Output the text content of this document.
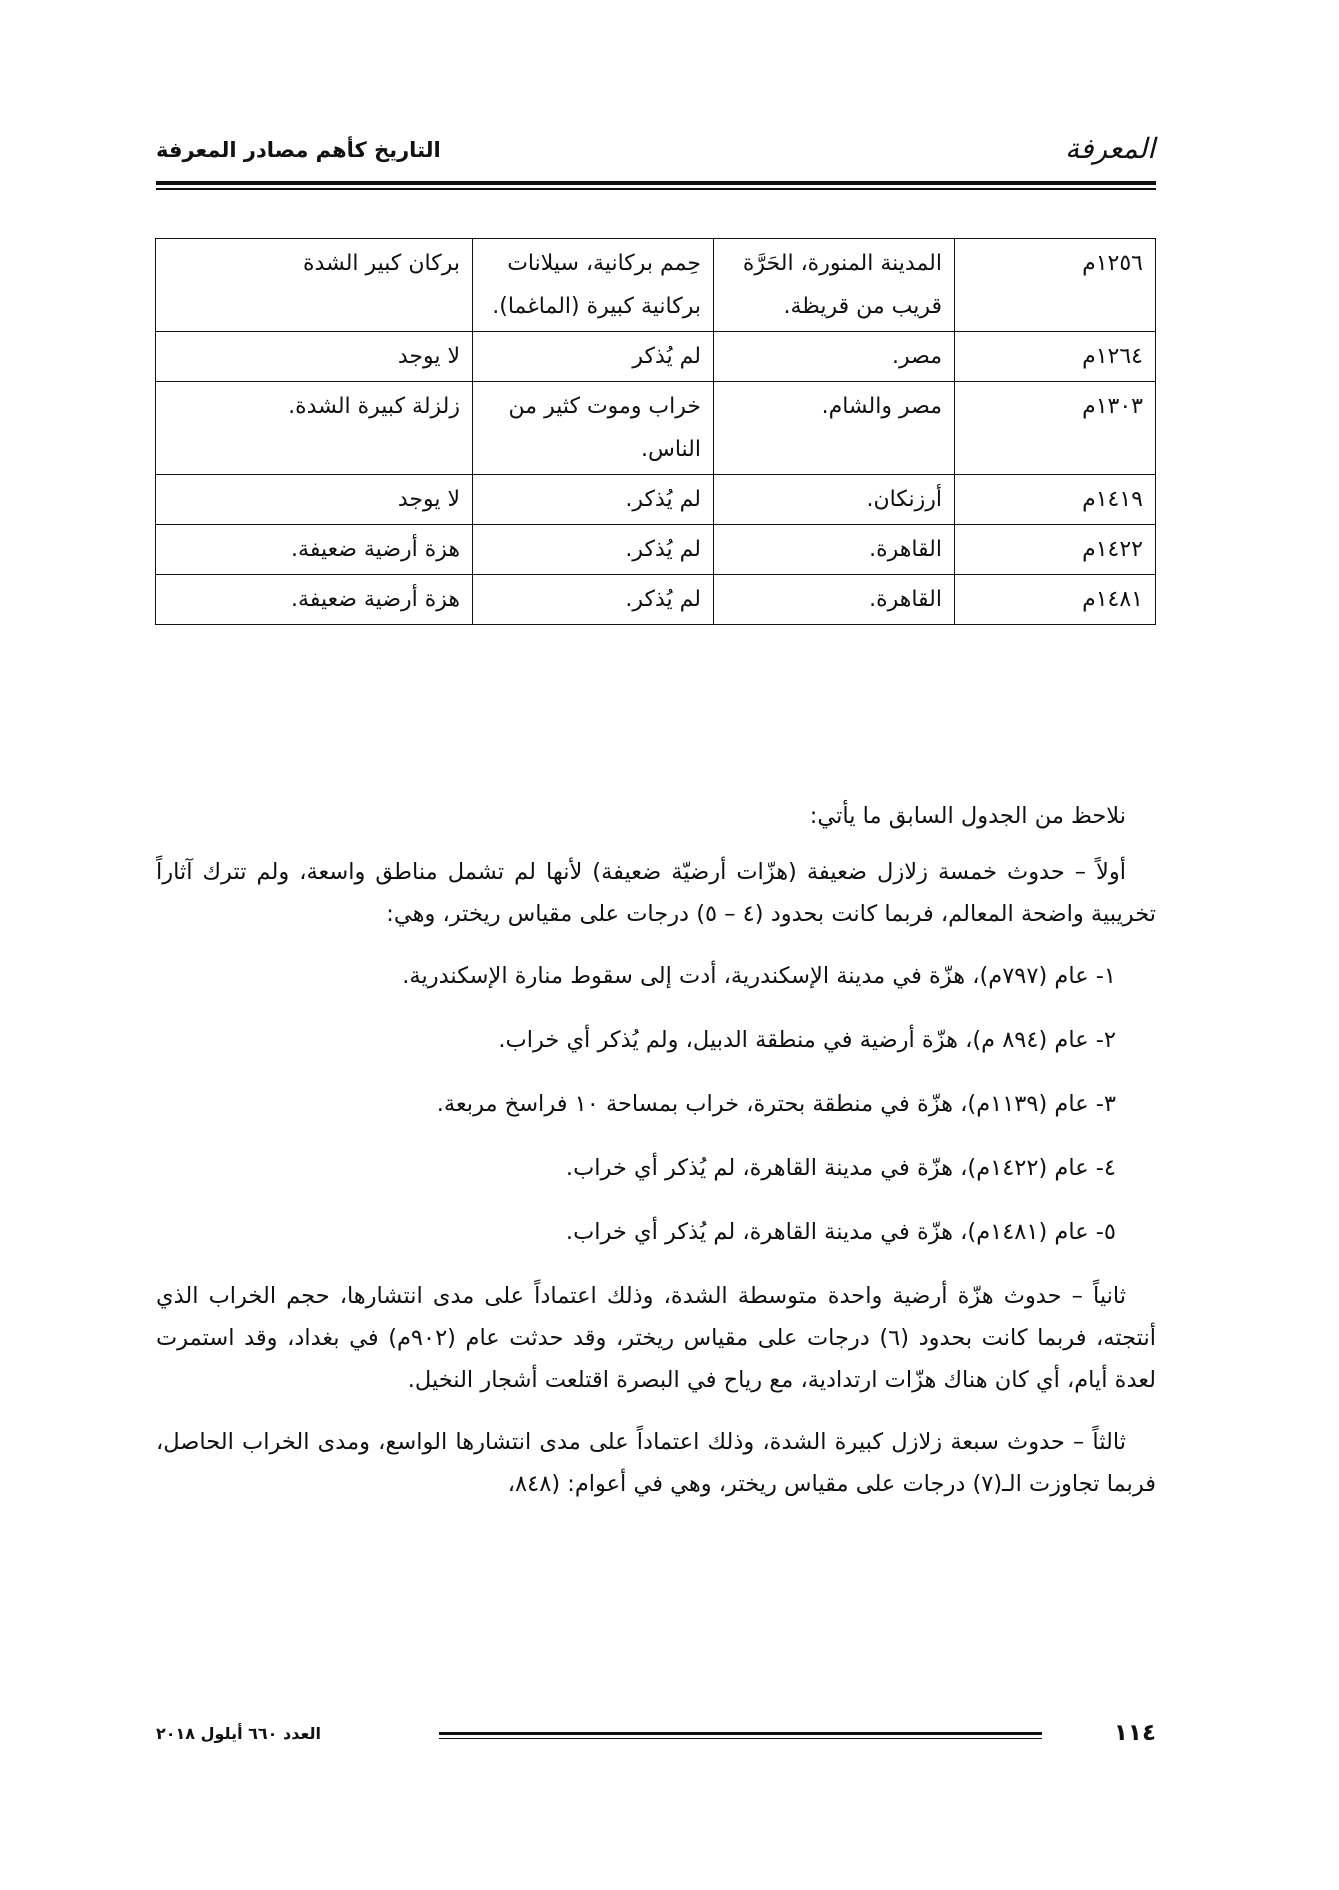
المعرفة
التاريخ كأهم مصادر المعرفة
١٢٥٦م	المدينة المنورة، الحَرَّة قريب من قريظة.	حِمم بركانية، سيلانات بركانية كبيرة (الماغما).	بركان كبير الشدة
١٢٦٤م	مصر.	لم يُذكر	لا يوجد
١٣٠٣م	مصر والشام.	خراب وموت كثير من الناس.	زلزلة كبيرة الشدة.
١٤١٩م	أرزنكان.	لم يُذكر.	لا يوجد
١٤٢٢م	القاهرة.	لم يُذكر.	هزة أرضية ضعيفة.
١٤٨١م	القاهرة.	لم يُذكر.	هزة أرضية ضعيفة.

نلاحظ من الجدول السابق ما يأتي:

أولاً – حدوث خمسة زلازل ضعيفة (هزّات أرضيّة ضعيفة) لأنها لم تشمل مناطق واسعة، ولم تترك آثاراً تخريبية واضحة المعالم، فربما كانت بحدود (٤ – ٥) درجات على مقياس ريختر، وهي:

١- عام (٧٩٧م)، هزّة في مدينة الإسكندرية، أدت إلى سقوط منارة الإسكندرية.
٢- عام (٨٩٤ م)، هزّة أرضية في منطقة الدبيل، ولم يُذكر أي خراب.
٣- عام (١١٣٩م)، هزّة في منطقة بحترة، خراب بمساحة ١٠ فراسخ مربعة.
٤- عام (١٤٢٢م)، هزّة في مدينة القاهرة، لم يُذكر أي خراب.
٥- عام (١٤٨١م)، هزّة في مدينة القاهرة، لم يُذكر أي خراب.

ثانياً – حدوث هزّة أرضية واحدة متوسطة الشدة، وذلك اعتماداً على مدى انتشارها، حجم الخراب الذي أنتجته، فربما كانت بحدود (٦) درجات على مقياس ريختر، وقد حدثت عام (٩٠٢م) في بغداد، وقد استمرت لعدة أيام، أي كان هناك هزّات ارتدادية، مع رياح في البصرة اقتلعت أشجار النخيل.

ثالثاً – حدوث سبعة زلازل كبيرة الشدة، وذلك اعتماداً على مدى انتشارها الواسع، ومدى الخراب الحاصل، فربما تجاوزت الـ(٧) درجات على مقياس ريختر، وهي في أعوام: (٨٤٨،

١١٤
العدد ٦٦٠ أيلول ٢٠١٨
